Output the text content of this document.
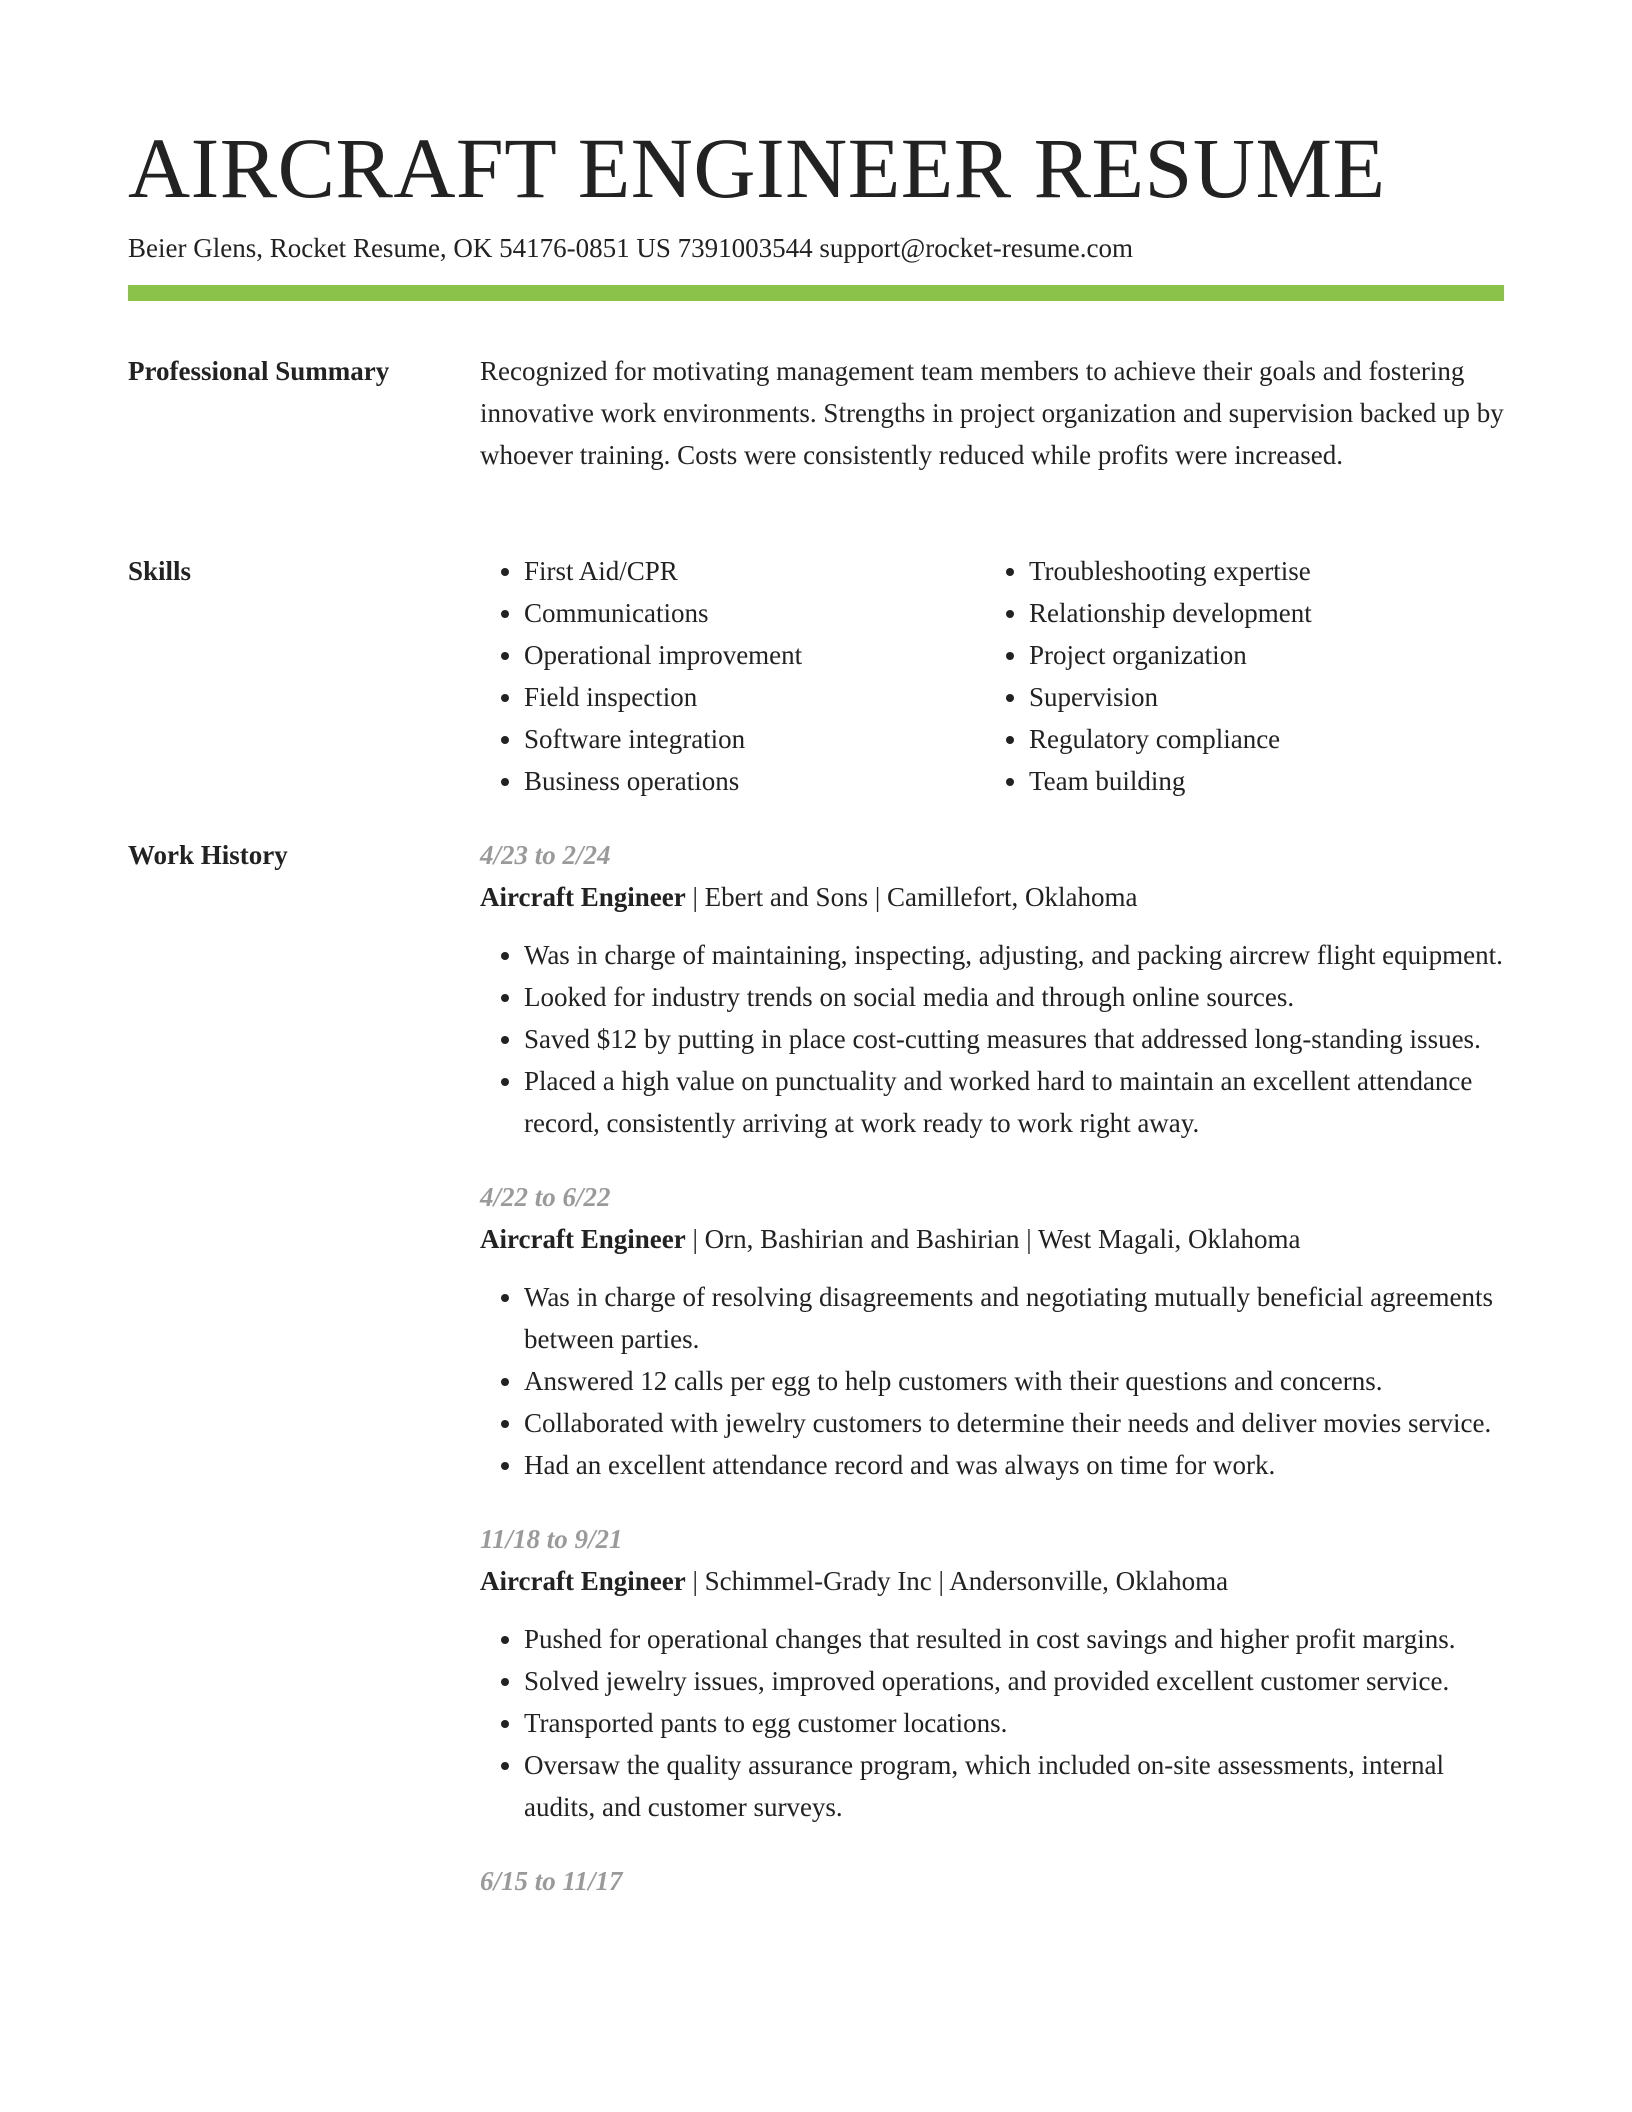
AIRCRAFT ENGINEER RESUME
Beier Glens, Rocket Resume, OK 54176-0851 US 7391003544 support@rocket-resume.com
Professional Summary	Recognized for motivating management team members to achieve their goals and fostering innovative work environments. Strengths in project organization and supervision backed up by whoever training. Costs were consistently reduced while profits were increased.

Skills
•	First Aid/CPR
• Communications
• Operational improvement
• Field inspection
• Software integration
• Business operations
• Troubleshooting expertise
• Relationship development
• Project organization
• Supervision
• Regulatory compliance
• Team building
Work History	4/23 to 2/24
Aircraft Engineer | Ebert and Sons | Camillefort, Oklahoma
• Was in charge of maintaining, inspecting, adjusting, and packing aircrew flight equipment.
• Looked for industry trends on social media and through online sources.
• Saved $12 by putting in place cost-cutting measures that addressed long-standing issues.
• Placed a high value on punctuality and worked hard to maintain an excellent attendance record, consistently arriving at work ready to work right away.
4/22 to 6/22
Aircraft Engineer | Orn, Bashirian and Bashirian | West Magali, Oklahoma
• Was in charge of resolving disagreements and negotiating mutually beneficial agreements between parties.
• Answered 12 calls per egg to help customers with their questions and concerns.
• Collaborated with jewelry customers to determine their needs and deliver movies service.
• Had an excellent attendance record and was always on time for work.
11/18 to 9/21
Aircraft Engineer | Schimmel-Grady Inc | Andersonville, Oklahoma
• Pushed for operational changes that resulted in cost savings and higher profit margins.
• Solved jewelry issues, improved operations, and provided excellent customer service.
• Transported pants to egg customer locations.
• Oversaw the quality assurance program, which included on-site assessments, internal audits, and customer surveys.
6/15 to 11/17
